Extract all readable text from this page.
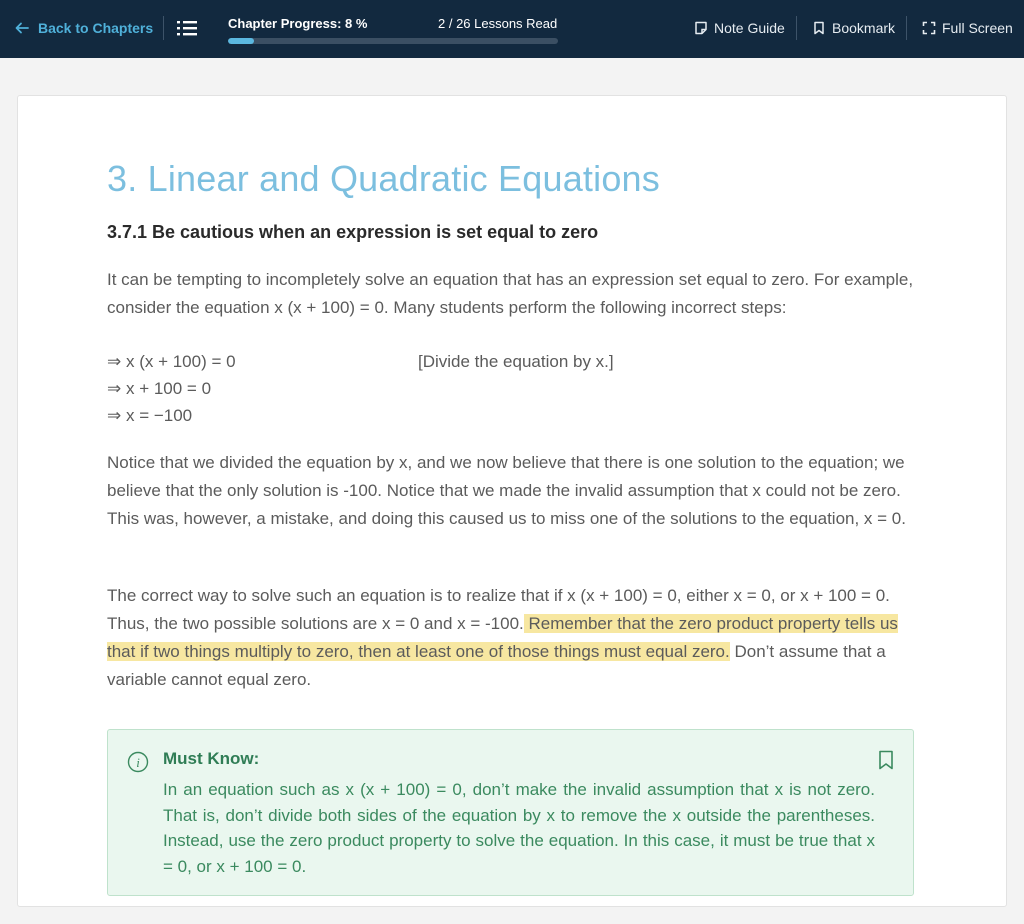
Back to Chapters	Chapter Progress: 8 %	2 / 26 Lessons Read	Note Guide	Bookmark	Full Screen
3. Linear and Quadratic Equations
3.7.1 Be cautious when an expression is set equal to zero

It can be tempting to incompletely solve an equation that has an expression set equal to zero. For example, consider the equation x (x + 100) = 0. Many students perform the following incorrect steps:

⇒ x (x + 100) = 0
⇒ x + 100 = 0
⇒ x = −100
[Divide the equation by x.]

Notice that we divided the equation by x, and we now believe that there is one solution to the equation; we believe that the only solution is -100. Notice that we made the invalid assumption that x could not be zero. This was, however, a mistake, and doing this caused us to miss one of the solutions to the equation, x = 0.

The correct way to solve such an equation is to realize that if x (x + 100) = 0, either x = 0, or x + 100 = 0. Thus, the two possible solutions are x = 0 and x = -100. Remember that the zero product property tells us that if two things multiply to zero, then at least one of those things must equal zero. Don’t assume that a variable cannot equal zero.

i Must Know:

In an equation such as x (x + 100) = 0, don’t make the invalid assumption that x is not zero. That is, don’t divide both sides of the equation by x to remove the x outside the parentheses. Instead, use the zero product property to solve the equation. In this case, it must be true that x = 0, or x + 100 = 0.
